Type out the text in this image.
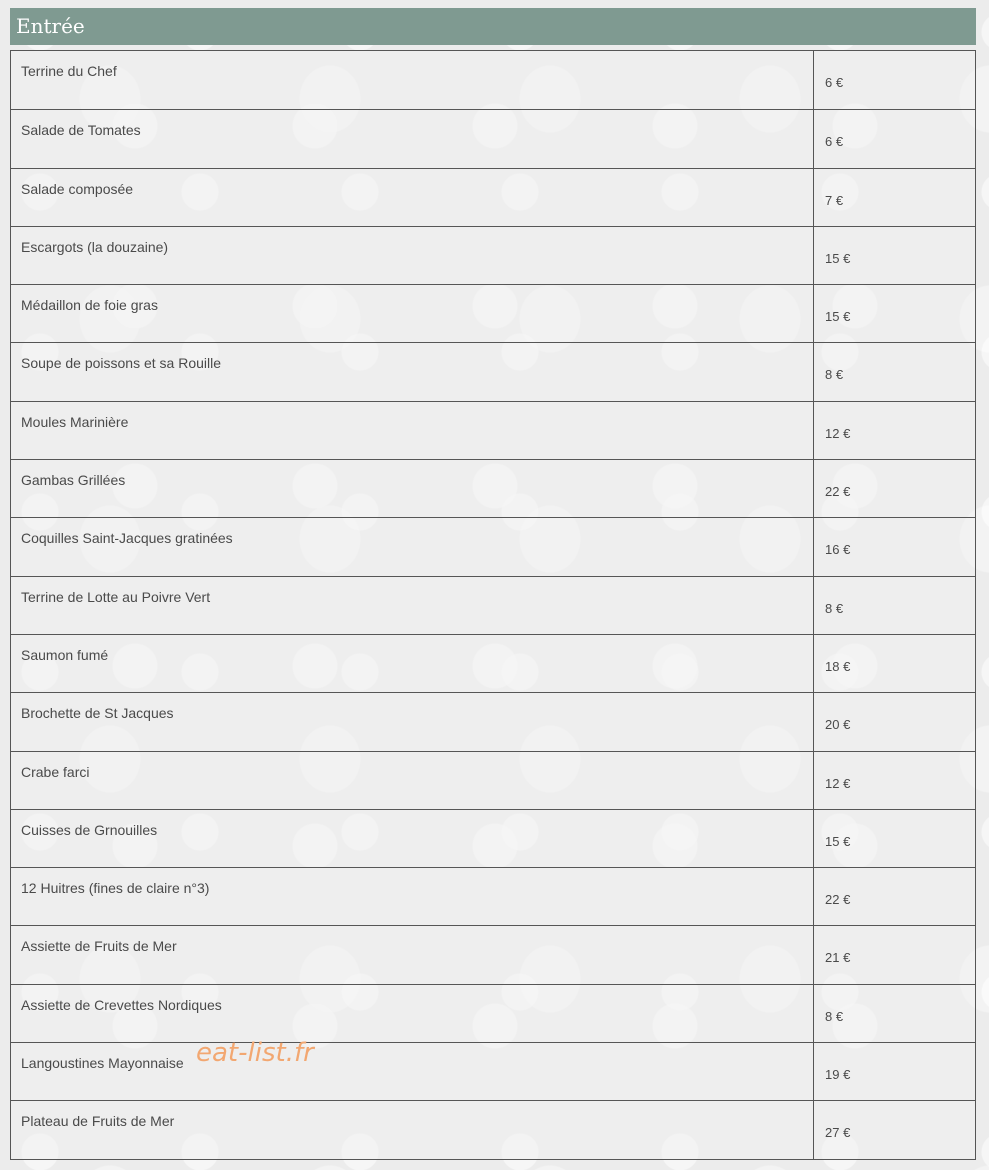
Entrée
Terrine du Chef
6 €
Salade de Tomates
6 €
Salade composée
7 €
Escargots (la douzaine)
15 €
Médaillon de foie gras
15 €
Soupe de poissons et sa Rouille
8 €
Moules Marinière
12 €
Gambas Grillées
22 €
Coquilles Saint-Jacques gratinées
16 €
Terrine de Lotte au Poivre Vert
8 €
Saumon fumé
18 €
Brochette de St Jacques
20 €
Crabe farci
12 €
Cuisses de Grnouilles
15 €
12 Huitres (fines de claire n°3)
22 €
Assiette de Fruits de Mer
21 €
Assiette de Crevettes Nordiques
8 €
Langoustines Mayonnaise
19 €
Plateau de Fruits de Mer
27 €
eat-list.fr
